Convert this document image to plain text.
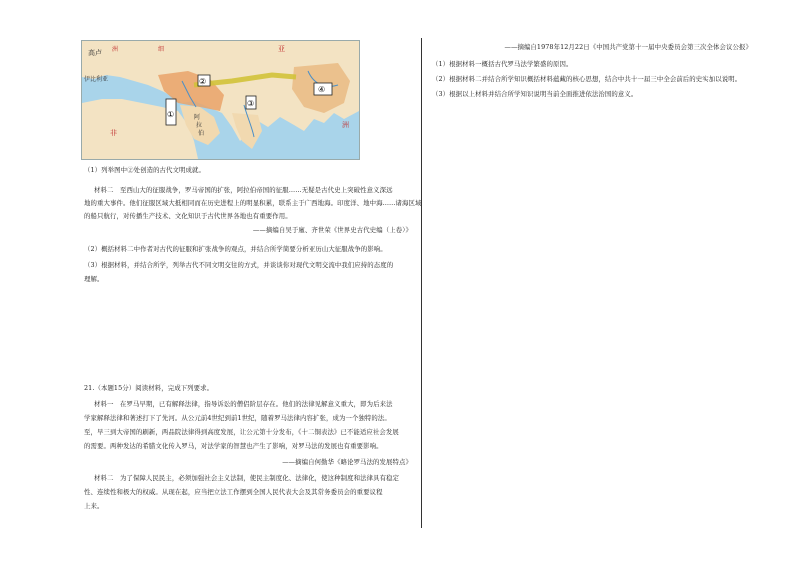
高卢
伊比利亚
洲
非
阿
拉
伯
亚
细
洲
①
②
③
④
（1）列举图中②处创造的古代文明成就。
材料二　至西山大的征服战争，罗马帝国的扩张，阿拉伯帝国的征服……无疑是古代史上突破性意义深远
地的重大事件。他们征服区域大抵相同而在历史进程上的明显积累，联系主于广西地海。印度洋、地中海……诸海区域
的船只航行，对传播生产技术、文化知识于古代世界各地也有重要作用。
——摘编自吴于廑、齐世荣《世界史古代史编（上卷）》
（2）概括材料二中作者对古代的征服和扩张战争的观点，并结合所学简要分析亚历山大征服战争的影响。
（3）根据材料，并结合所学，列举古代不同文明交往的方式，并谈谈你对现代文明交流中我们应持的态度的
理解。
21.（本题15分）阅读材料，完成下列要求。
材料一　在罗马早期，已有解释法律，指导诉讼的僧侣阶层存在。他们的法律见解意义重大，即为后来法
学家解释法律和著述打下了先河。从公元前4世纪到前1世纪，随着罗马法律内容扩张，成为一个独特的法。
至，早三到大帝国的刷新，两品院法律得到高度发展，让公元第十分发布，《十二铜表法》已不能适应社会发展
的需要。两种发达的希腊文化传入罗马，对法学家的智慧也产生了影响，对罗马法的发展也有重要影响。
——摘编自何勤华《略论罗马法的发展特点》
材料二　为了保障人民民主，必须加强社会主义法制，使民主制度化、法律化，使这种制度和法律具有稳定
性、连续性和极大的权威。从现在起，应当把立法工作摆到全国人民代表大会及其常务委员会的重要议程
上来。
——摘编自1978年12月22日《中国共产党第十一届中央委员会第三次全体会议公报》
（1）根据材料一概括古代罗马法学繁盛的原因。
（2）根据材料二并结合所学知识概括材料蕴藏的核心思想，结合中共十一届三中全会前后的史实加以说明。
（3）根据以上材料并结合所学知识说明当前全面推进依法治国的意义。
